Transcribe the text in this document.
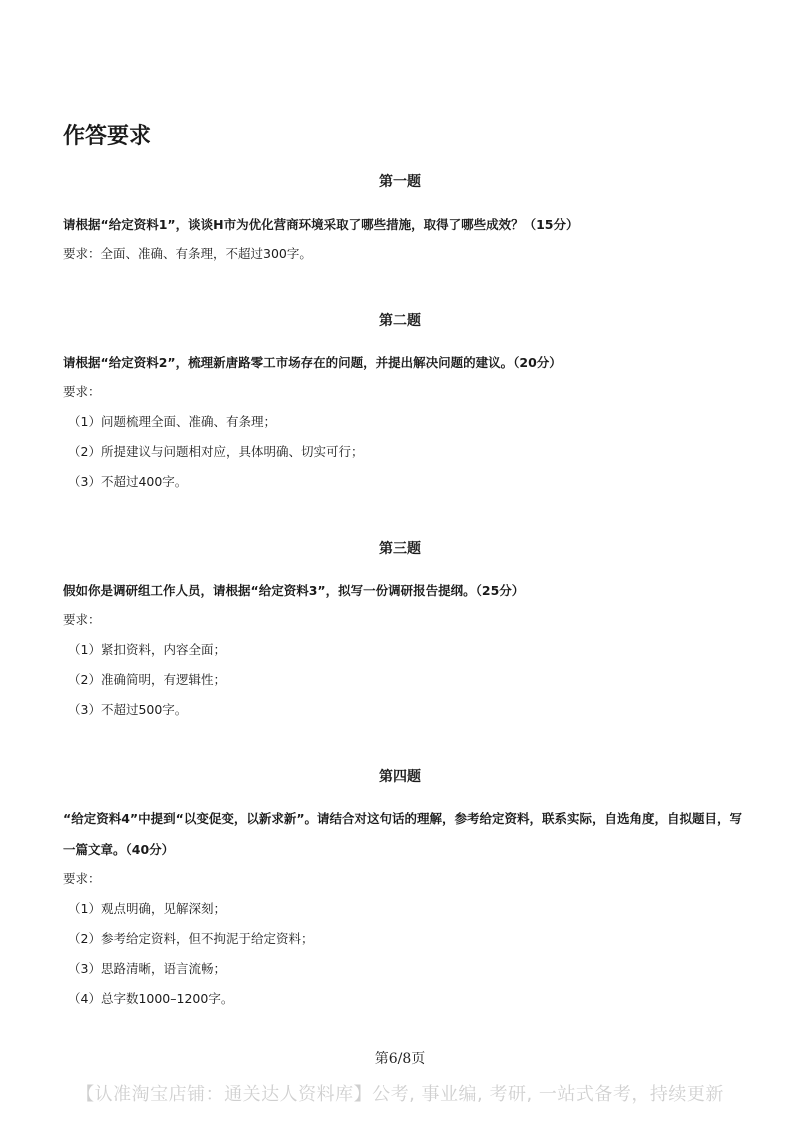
作答要求
第一题
请根据“给定资料1”，谈谈H市为优化营商环境采取了哪些措施，取得了哪些成效？（15分）
要求：全面、准确、有条理，不超过300字。
第二题
请根据“给定资料2”，梳理新唐路零工市场存在的问题，并提出解决问题的建议。（20分）
要求：
（1）问题梳理全面、准确、有条理；
（2）所提建议与问题相对应，具体明确、切实可行；
（3）不超过400字。
第三题
假如你是调研组工作人员，请根据“给定资料3”，拟写一份调研报告提纲。（25分）
要求：
（1）紧扣资料，内容全面；
（2）准确简明，有逻辑性；
（3）不超过500字。
第四题
“给定资料4”中提到“以变促变，以新求新”。请结合对这句话的理解，参考给定资料，联系实际，自选角度，自拟题目，写一篇文章。（40分）
要求：
（1）观点明确，见解深刻；
（2）参考给定资料，但不拘泥于给定资料；
（3）思路清晰，语言流畅；
（4）总字数1000–1200字。
第6/8页
【认准淘宝店铺：通关达人资料库】公考, 事业编, 考研, 一站式备考，持续更新
